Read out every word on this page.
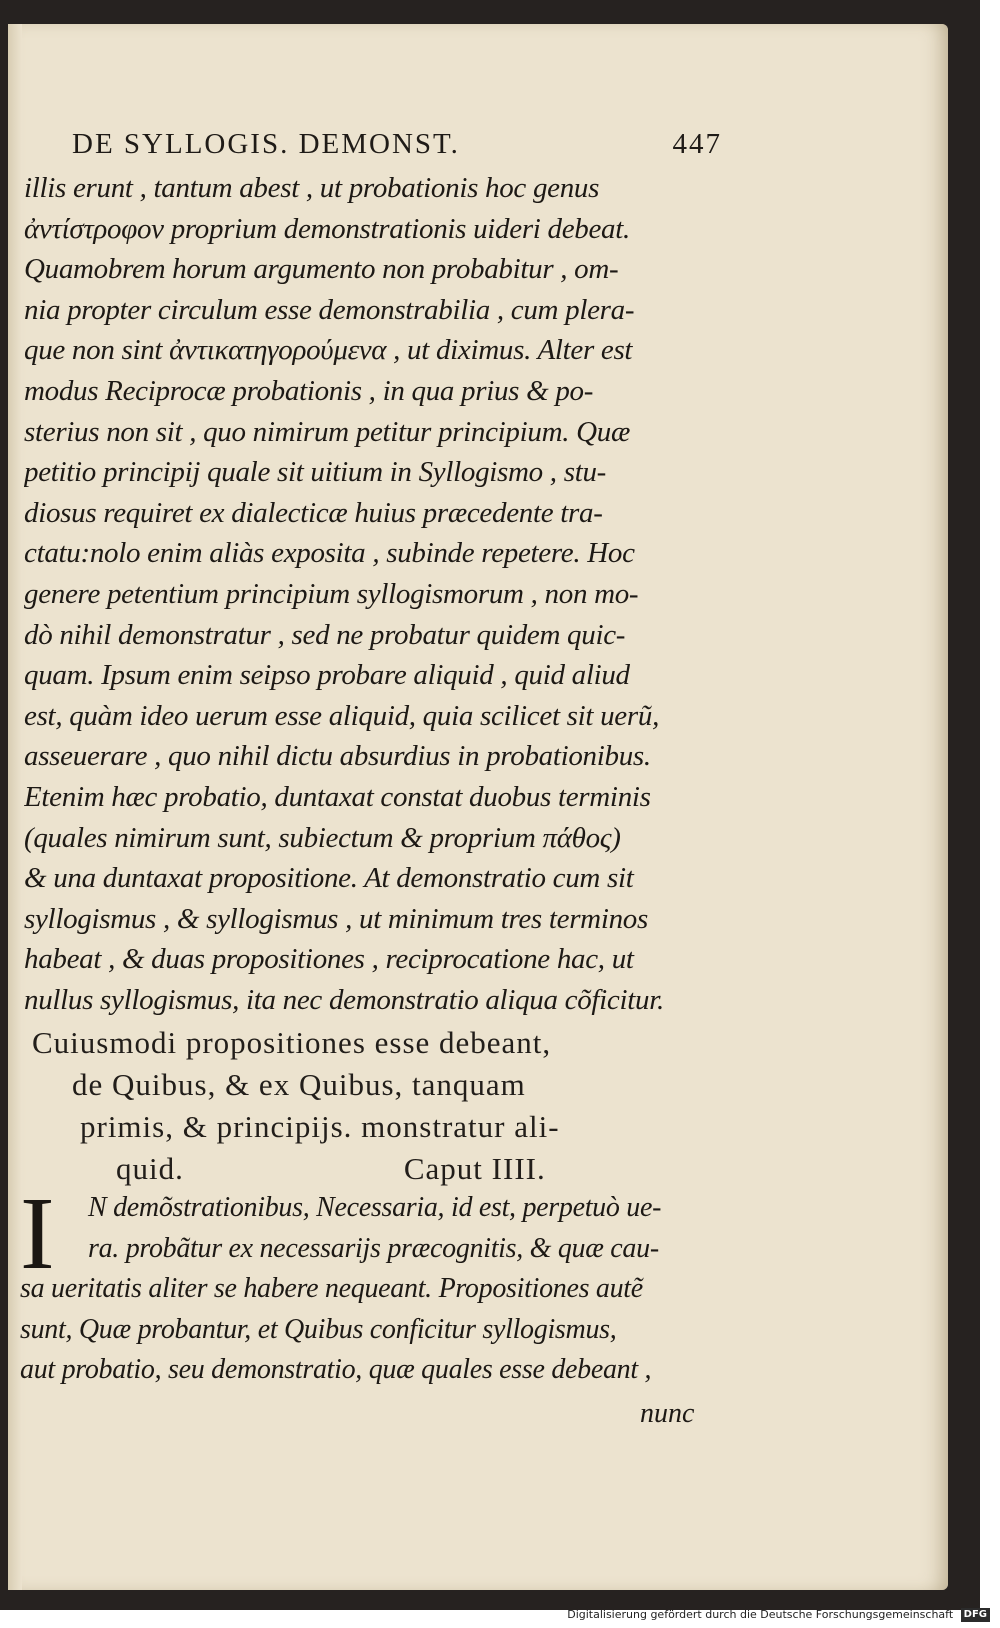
DE SYLLOGIS. DEMONST.	447
illis erunt , tantum abest , ut probationis hoc genus
ἀντίστροφον proprium demonstrationis uideri debeat.
Quamobrem horum argumento non probabitur , om-
nia propter circulum esse demonstrabilia , cum plera-
que non sint ἀντικατηγορούμενα , ut diximus. Alter est
modus Reciprocæ probationis , in qua prius & po-
sterius non sit , quo nimirum petitur principium. Quæ
petitio principij quale sit uitium in Syllogismo , stu-
diosus requiret ex dialecticæ huius præcedente tra-
ctatu:nolo enim aliàs exposita , subinde repetere. Hoc
genere petentium principium syllogismorum , non mo-
dò nihil demonstratur , sed ne probatur quidem quic-
quam. Ipsum enim seipso probare aliquid , quid aliud
est, quàm ideo uerum esse aliquid, quia scilicet sit uerũ,
asseuerare , quo nihil dictu absurdius in probationibus.
Etenim hæc probatio, duntaxat constat duobus terminis
(quales nimirum sunt, subiectum & proprium πάθος)
& una duntaxat propositione. At demonstratio cum sit
syllogismus , & syllogismus , ut minimum tres terminos
habeat , & duas propositiones , reciprocatione hac, ut
nullus syllogismus, ita nec demonstratio aliqua cõficitur.
Cuiusmodi propositiones esse debeant,
de Quibus, & ex Quibus, tanquam
primis, & principijs. monstratur ali-
quid.	Caput IIII.
I	N demõstrationibus, Necessaria, id est, perpetuò ue-
ra. probãtur ex necessarijs præcognitis, & quæ cau-
sa ueritatis aliter se habere nequeant. Propositiones autẽ
sunt, Quæ probantur, et Quibus conficitur syllogismus,
aut probatio, seu demonstratio, quæ quales esse debeant ,
nunc
Digitalisierung gefördert durch die Deutsche Forschungsgemeinschaft DFG
